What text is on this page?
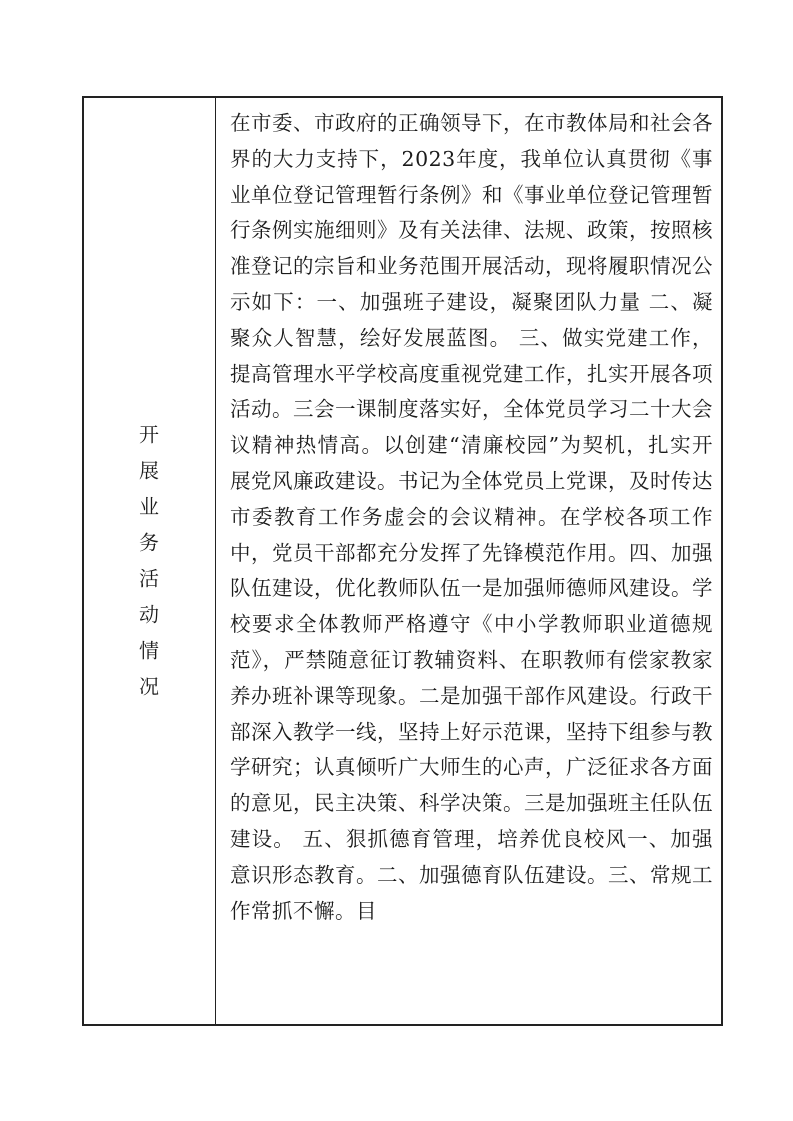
开展业务活动情况

在市委、市政府的正确领导下，在市教体局和社会各界的大力支持下，2023年度，我单位认真贯彻《事业单位登记管理暂行条例》和《事业单位登记管理暂行条例实施细则》及有关法律、法规、政策，按照核准登记的宗旨和业务范围开展活动，现将履职情况公示如下：一、加强班子建设，凝聚团队力量 二、凝聚众人智慧，绘好发展蓝图。 三、做实党建工作，提高管理水平学校高度重视党建工作，扎实开展各项活动。三会一课制度落实好，全体党员学习二十大会议精神热情高。以创建“清廉校园”为契机，扎实开展党风廉政建设。书记为全体党员上党课，及时传达市委教育工作务虚会的会议精神。在学校各项工作中，党员干部都充分发挥了先锋模范作用。四、加强队伍建设，优化教师队伍一是加强师德师风建设。学校要求全体教师严格遵守《中小学教师职业道德规范》，严禁随意征订教辅资料、在职教师有偿家教家养办班补课等现象。二是加强干部作风建设。行政干部深入教学一线，坚持上好示范课，坚持下组参与教学研究；认真倾听广大师生的心声，广泛征求各方面的意见，民主决策、科学决策。三是加强班主任队伍建设。 五、狠抓德育管理，培养优良校风一、加强意识形态教育。二、加强德育队伍建设。三、常规工作常抓不懈。目
